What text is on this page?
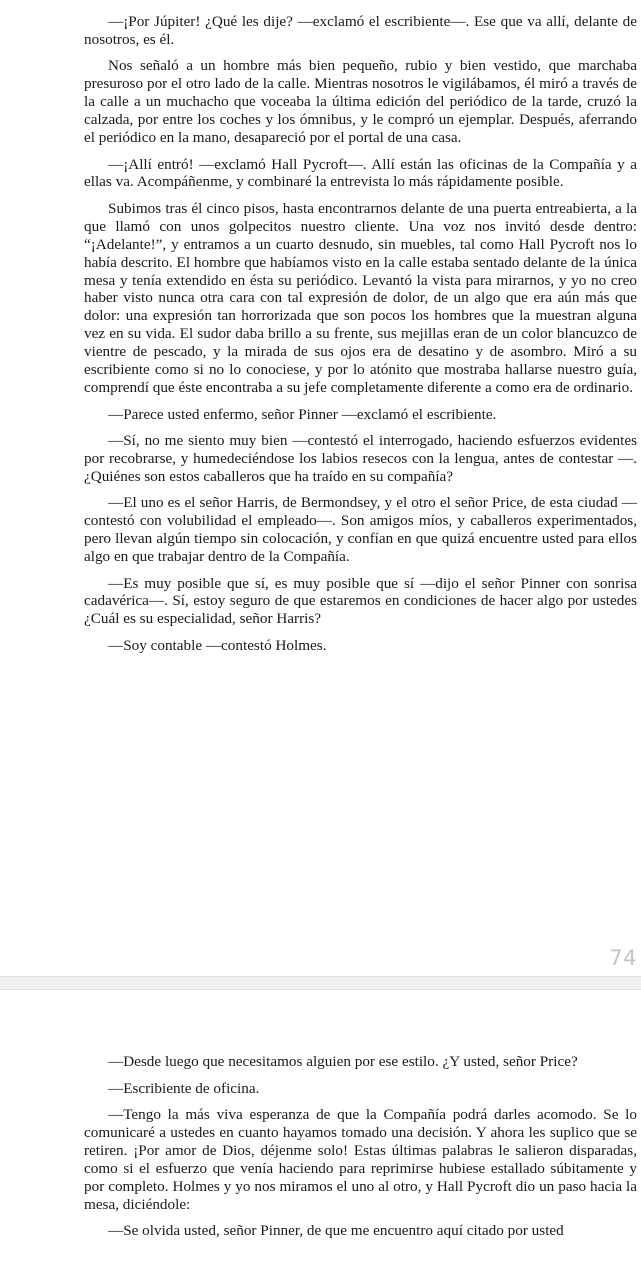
—¡Por Júpiter! ¿Qué les dije? —exclamó el escribiente—. Ese que va allí, delante de nosotros, es él.

Nos señaló a un hombre más bien pequeño, rubio y bien vestido, que marchaba presuroso por el otro lado de la calle. Mientras nosotros le vigilábamos, él miró a través de la calle a un muchacho que voceaba la última edición del periódico de la tarde, cruzó la calzada, por entre los coches y los ómnibus, y le compró un ejemplar. Después, aferrando el periódico en la mano, desapareció por el portal de una casa.

—¡Allí entró! —exclamó Hall Pycroft—. Allí están las oficinas de la Compañía y a ellas va. Acompáñenme, y combinaré la entrevista lo más rápidamente posible.

Subimos tras él cinco pisos, hasta encontrarnos delante de una puerta entreabierta, a la que llamó con unos golpecitos nuestro cliente. Una voz nos invitó desde dentro: “¡Adelante!”, y entramos a un cuarto desnudo, sin muebles, tal como Hall Pycroft nos lo había descrito. El hombre que habíamos visto en la calle estaba sentado delante de la única mesa y tenía extendido en ésta su periódico. Levantó la vista para mirarnos, y yo no creo haber visto nunca otra cara con tal expresión de dolor, de un algo que era aún más que dolor: una expresión tan horrorizada que son pocos los hombres que la muestran alguna vez en su vida. El sudor daba brillo a su frente, sus mejillas eran de un color blancuzco de vientre de pescado, y la mirada de sus ojos era de desatino y de asombro. Miró a su escribiente como si no lo conociese, y por lo atónito que mostraba hallarse nuestro guía, comprendí que éste encontraba a su jefe completamente diferente a como era de ordinario.

—Parece usted enfermo, señor Pinner —exclamó el escribiente.

—Sí, no me siento muy bien —contestó el interrogado, haciendo esfuerzos evidentes por recobrarse, y humedeciéndose los labios resecos con la lengua, antes de contestar —. ¿Quiénes son estos caballeros que ha traído en su compañía?

—El uno es el señor Harris, de Bermondsey, y el otro el señor Price, de esta ciudad —contestó con volubilidad el empleado—. Son amigos míos, y caballeros experimentados, pero llevan algún tiempo sin colocación, y confían en que quizá encuentre usted para ellos algo en que trabajar dentro de la Compañía.

—Es muy posible que sí, es muy posible que sí —dijo el señor Pinner con sonrisa cadavérica—. Sí, estoy seguro de que estaremos en condiciones de hacer algo por ustedes ¿Cuál es su especialidad, señor Harris?

—Soy contable —contestó Holmes.

74

—Desde luego que necesitamos alguien por ese estilo. ¿Y usted, señor Price?

—Escribiente de oficina.

—Tengo la más viva esperanza de que la Compañía podrá darles acomodo. Se lo comunicaré a ustedes en cuanto hayamos tomado una decisión. Y ahora les suplico que se retiren. ¡Por amor de Dios, déjenme solo! Estas últimas palabras le salieron disparadas, como si el esfuerzo que venía haciendo para reprimirse hubiese estallado súbitamente y por completo. Holmes y yo nos miramos el uno al otro, y Hall Pycroft dio un paso hacia la mesa, diciéndole:

—Se olvida usted, señor Pinner, de que me encuentro aquí citado por usted
